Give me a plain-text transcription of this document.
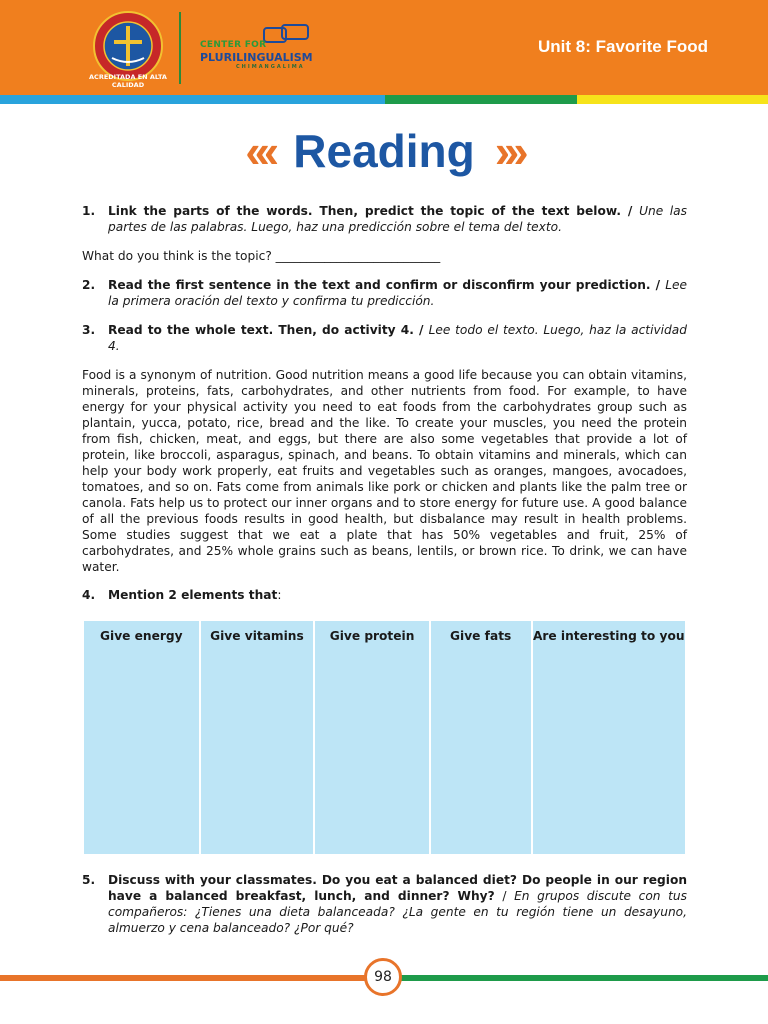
ACREDITADA EN ALTA CALIDAD
CENTER FOR
PLURILINGUALISM
CHIMANGALIMA
Unit 8: Favorite Food
‹‹‹ Reading ›››
1.	Link the parts of the words. Then, predict the topic of the text below. / Une las partes de las palabras. Luego, haz una predicción sobre el tema del texto.
What do you think is the topic? ___________________________
2.	Read the first sentence in the text and confirm or disconfirm your prediction. / Lee la primera oración del texto y confirma tu predicción.
3.	Read to the whole text. Then, do activity 4. / Lee todo el texto. Luego, haz la actividad 4.
Food is a synonym of nutrition. Good nutrition means a good life because you can obtain vitamins, minerals, proteins, fats, carbohydrates, and other nutrients from food. For example, to have energy for your physical activity you need to eat foods from the carbohydrates group such as plantain, yucca, potato, rice, bread and the like. To create your muscles, you need the protein from fish, chicken, meat, and eggs, but there are also some vegetables that provide a lot of protein, like broccoli, asparagus, spinach, and beans. To obtain vitamins and minerals, which can help your body work properly, eat fruits and vegetables such as oranges, mangoes, avocadoes, tomatoes, and so on. Fats come from animals like pork or chicken and plants like the palm tree or canola. Fats help us to protect our inner organs and to store energy for future use. A good balance of all the previous foods results in good health, but disbalance may result in health problems. Some studies suggest that we eat a plate that has 50% vegetables and fruit, 25% of carbohydrates, and 25% whole grains such as beans, lentils, or brown rice. To drink, we can have water.
4.	Mention 2 elements that:
Give energy	Give vitamins	Give protein	Give fats	Are interesting to you
5.	Discuss with your classmates. Do you eat a balanced diet? Do people in our region have a balanced breakfast, lunch, and dinner? Why? / En grupos discute con tus compañeros: ¿Tienes una dieta balanceada? ¿La gente en tu región tiene un desayuno, almuerzo y cena balanceado? ¿Por qué?
98
